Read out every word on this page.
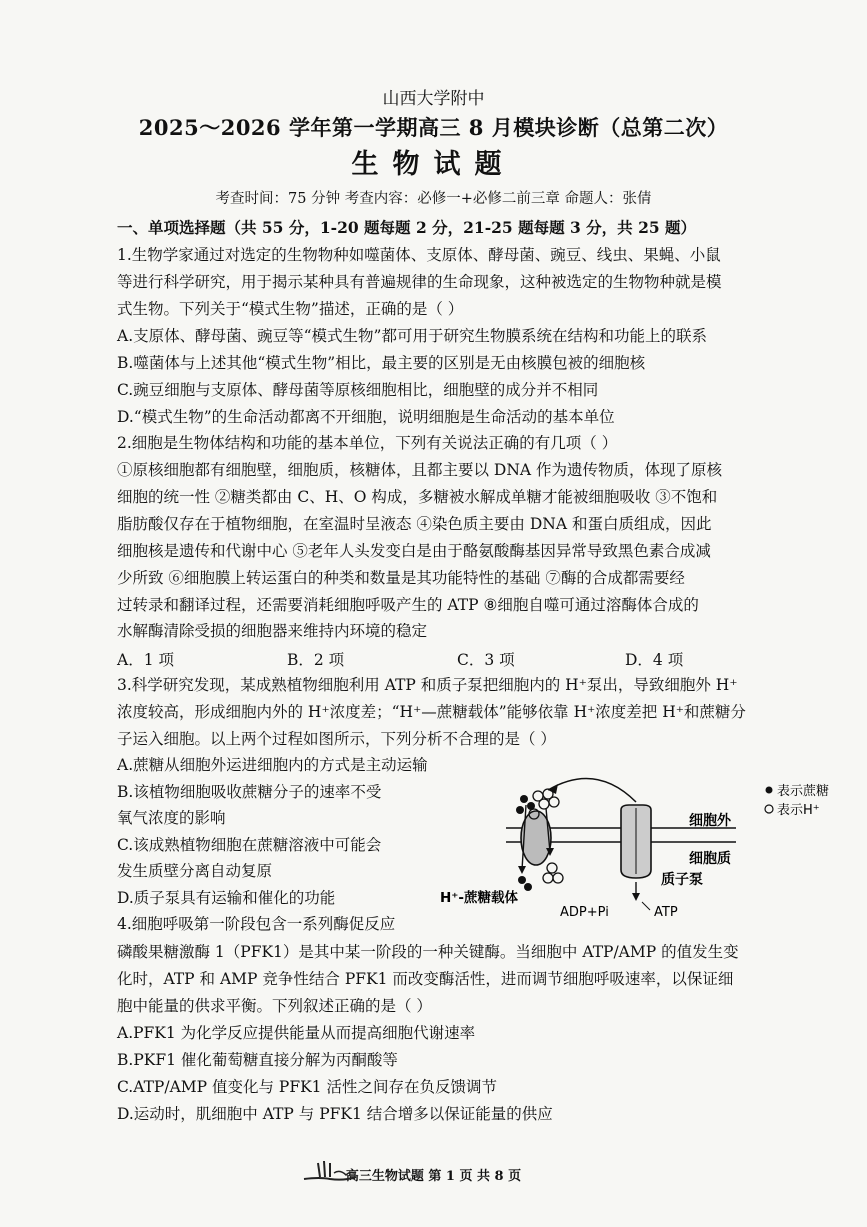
山西大学附中
2025～2026 学年第一学期高三 8 月模块诊断（总第二次）
生物试题
考查时间：75 分钟 考查内容：必修一+必修二前三章 命题人：张倩
一、单项选择题（共 55 分，1-20 题每题 2 分，21-25 题每题 3 分，共 25 题）
1.生物学家通过对选定的生物物种如噬菌体、支原体、酵母菌、豌豆、线虫、果蝇、小鼠
等进行科学研究，用于揭示某种具有普遍规律的生命现象，这种被选定的生物物种就是模
式生物。下列关于“模式生物”描述，正确的是（ ）
A.支原体、酵母菌、豌豆等“模式生物”都可用于研究生物膜系统在结构和功能上的联系
B.噬菌体与上述其他“模式生物”相比，最主要的区别是无由核膜包被的细胞核
C.豌豆细胞与支原体、酵母菌等原核细胞相比，细胞壁的成分并不相同
D.“模式生物”的生命活动都离不开细胞，说明细胞是生命活动的基本单位
2.细胞是生物体结构和功能的基本单位，下列有关说法正确的有几项（ ）
①原核细胞都有细胞壁，细胞质，核糖体，且都主要以 DNA 作为遗传物质，体现了原核
细胞的统一性 ②糖类都由 C、H、O 构成，多糖被水解成单糖才能被细胞吸收 ③不饱和
脂肪酸仅存在于植物细胞，在室温时呈液态 ④染色质主要由 DNA 和蛋白质组成，因此
细胞核是遗传和代谢中心 ⑤老年人头发变白是由于酪氨酸酶基因异常导致黑色素合成减
少所致 ⑥细胞膜上转运蛋白的种类和数量是其功能特性的基础 ⑦酶的合成都需要经
过转录和翻译过程，还需要消耗细胞呼吸产生的 ATP ⑧细胞自噬可通过溶酶体合成的
水解酶清除受损的细胞器来维持内环境的稳定
A．1 项	B．2 项	C．3 项	D．4 项
3.科学研究发现，某成熟植物细胞利用 ATP 和质子泵把细胞内的 H⁺泵出，导致细胞外 H⁺
浓度较高，形成细胞内外的 H⁺浓度差；“H⁺—蔗糖载体”能够依靠 H⁺浓度差把 H⁺和蔗糖分
子运入细胞。以上两个过程如图所示，下列分析不合理的是（ ）
A.蔗糖从细胞外运进细胞内的方式是主动运输
B.该植物细胞吸收蔗糖分子的速率不受
氧气浓度的影响
C.该成熟植物细胞在蔗糖溶液中可能会
发生质壁分离自动复原
D.质子泵具有运输和催化的功能
表示蔗糖
表示H⁺
细胞外
细胞质
质子泵
H⁺-蔗糖载体
ADP+Pi	ATP
4.细胞呼吸第一阶段包含一系列酶促反应
磷酸果糖激酶 1（PFK1）是其中某一阶段的一种关键酶。当细胞中 ATP/AMP 的值发生变
化时，ATP 和 AMP 竞争性结合 PFK1 而改变酶活性，进而调节细胞呼吸速率，以保证细
胞中能量的供求平衡。下列叙述正确的是（ ）
A.PFK1 为化学反应提供能量从而提高细胞代谢速率
B.PKF1 催化葡萄糖直接分解为丙酮酸等
C.ATP/AMP 值变化与 PFK1 活性之间存在负反馈调节
D.运动时，肌细胞中 ATP 与 PFK1 结合增多以保证能量的供应
高三生物试题 第 1 页 共 8 页
